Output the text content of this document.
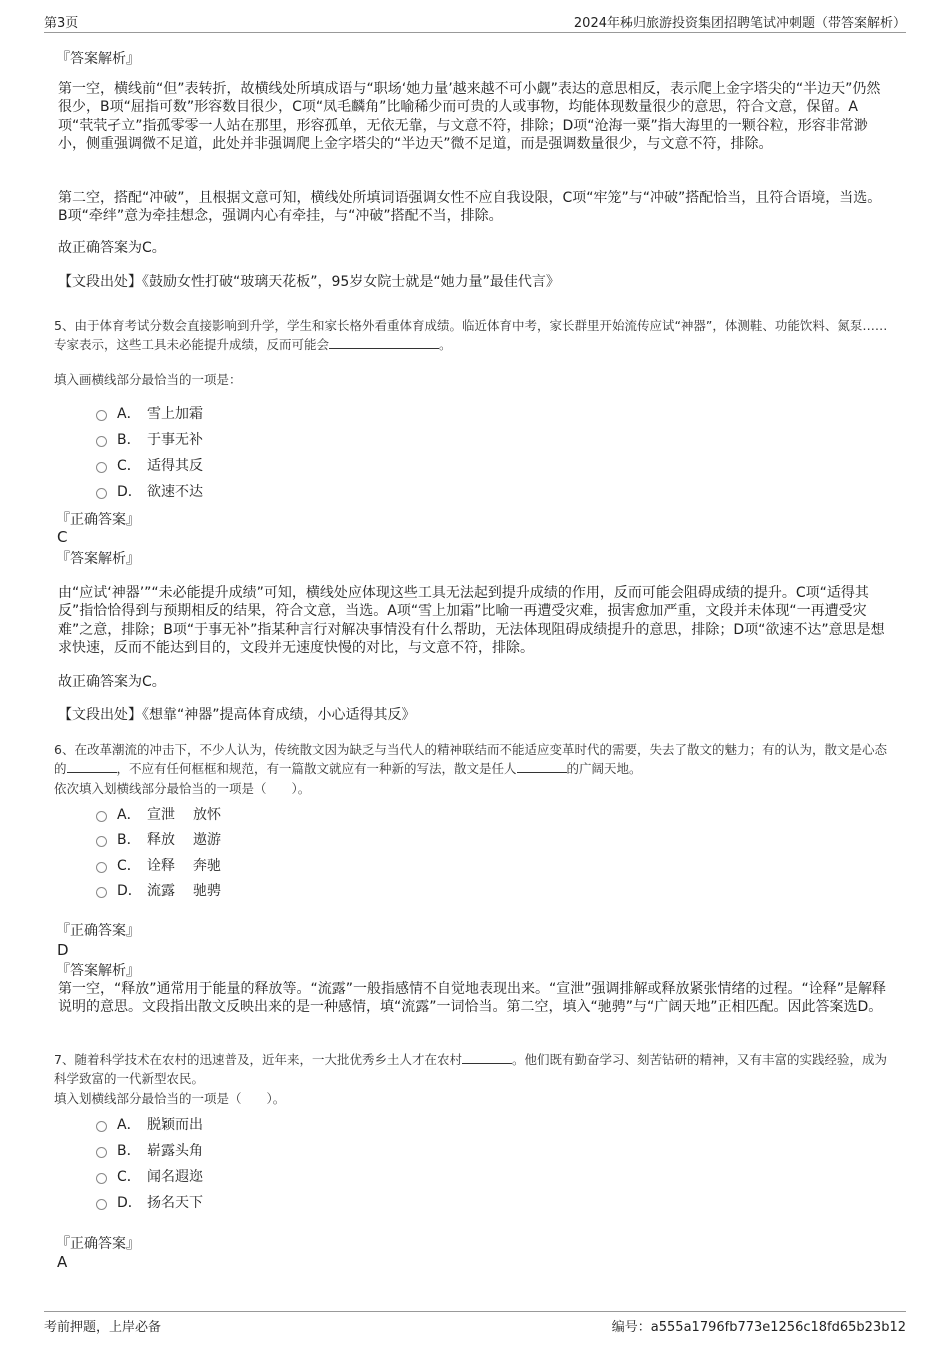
第3页	2024年秭归旅游投资集团招聘笔试冲刺题（带答案解析）
『答案解析』
第一空，横线前“但”表转折，故横线处所填成语与“职场‘她力量’越来越不可小觑”表达的意思相反，表示爬上金字塔尖的“半边天”仍然很少，B项“屈指可数”形容数目很少，C项“凤毛麟角”比喻稀少而可贵的人或事物，均能体现数量很少的意思，符合文意，保留。A项“茕茕孑立”指孤零零一人站在那里，形容孤单，无依无靠，与文意不符，排除；D项“沧海一粟”指大海里的一颗谷粒，形容非常渺小，侧重强调微不足道，此处并非强调爬上金字塔尖的“半边天”微不足道，而是强调数量很少，与文意不符，排除。
第二空，搭配“冲破”，且根据文意可知，横线处所填词语强调女性不应自我设限，C项“牢笼”与“冲破”搭配恰当，且符合语境，当选。B项“牵绊”意为牵挂想念，强调内心有牵挂，与“冲破”搭配不当，排除。
故正确答案为C。
【文段出处】《鼓励女性打破“玻璃天花板”，95岁女院士就是“她力量”最佳代言》
5、由于体育考试分数会直接影响到升学，学生和家长格外看重体育成绩。临近体育中考，家长群里开始流传应试“神器”，体测鞋、功能饮料、氮泵……专家表示，这些工具未必能提升成绩，反而可能会	。
填入画横线部分最恰当的一项是：
A． 雪上加霜
B． 于事无补
C． 适得其反
D． 欲速不达
『正确答案』
C
『答案解析』
由“应试‘神器’”“未必能提升成绩”可知，横线处应体现这些工具无法起到提升成绩的作用，反而可能会阻碍成绩的提升。C项“适得其反”指恰恰得到与预期相反的结果，符合文意，当选。A项“雪上加霜”比喻一再遭受灾难，损害愈加严重，文段并未体现“一再遭受灾难”之意，排除；B项“于事无补”指某种言行对解决事情没有什么帮助，无法体现阻碍成绩提升的意思，排除；D项“欲速不达”意思是想求快速，反而不能达到目的，文段并无速度快慢的对比，与文意不符，排除。
故正确答案为C。
【文段出处】《想靠“神器”提高体育成绩，小心适得其反》
6、在改革潮流的冲击下，不少人认为，传统散文因为缺乏与当代人的精神联结而不能适应变革时代的需要，失去了散文的魅力；有的认为，散文是心态的	，不应有任何框框和规范，有一篇散文就应有一种新的写法，散文是任人	的广阔天地。
依次填入划横线部分最恰当的一项是（　　）。
A． 宣泄 放怀
B． 释放 遨游
C． 诠释 奔驰
D． 流露 驰骋
『正确答案』
D
『答案解析』
第一空，“释放”通常用于能量的释放等。“流露”一般指感情不自觉地表现出来。“宣泄”强调排解或释放紧张情绪的过程。“诠释”是解释说明的意思。文段指出散文反映出来的是一种感情，填“流露”一词恰当。第二空，填入“驰骋”与“广阔天地”正相匹配。因此答案选D。
7、随着科学技术在农村的迅速普及，近年来，一大批优秀乡土人才在农村	。他们既有勤奋学习、刻苦钻研的精神，又有丰富的实践经验，成为科学致富的一代新型农民。
填入划横线部分最恰当的一项是（　　）。
A． 脱颖而出
B． 崭露头角
C． 闻名遐迩
D． 扬名天下
『正确答案』
A
考前押题，上岸必备	编号：a555a1796fb773e1256c18fd65b23b12
